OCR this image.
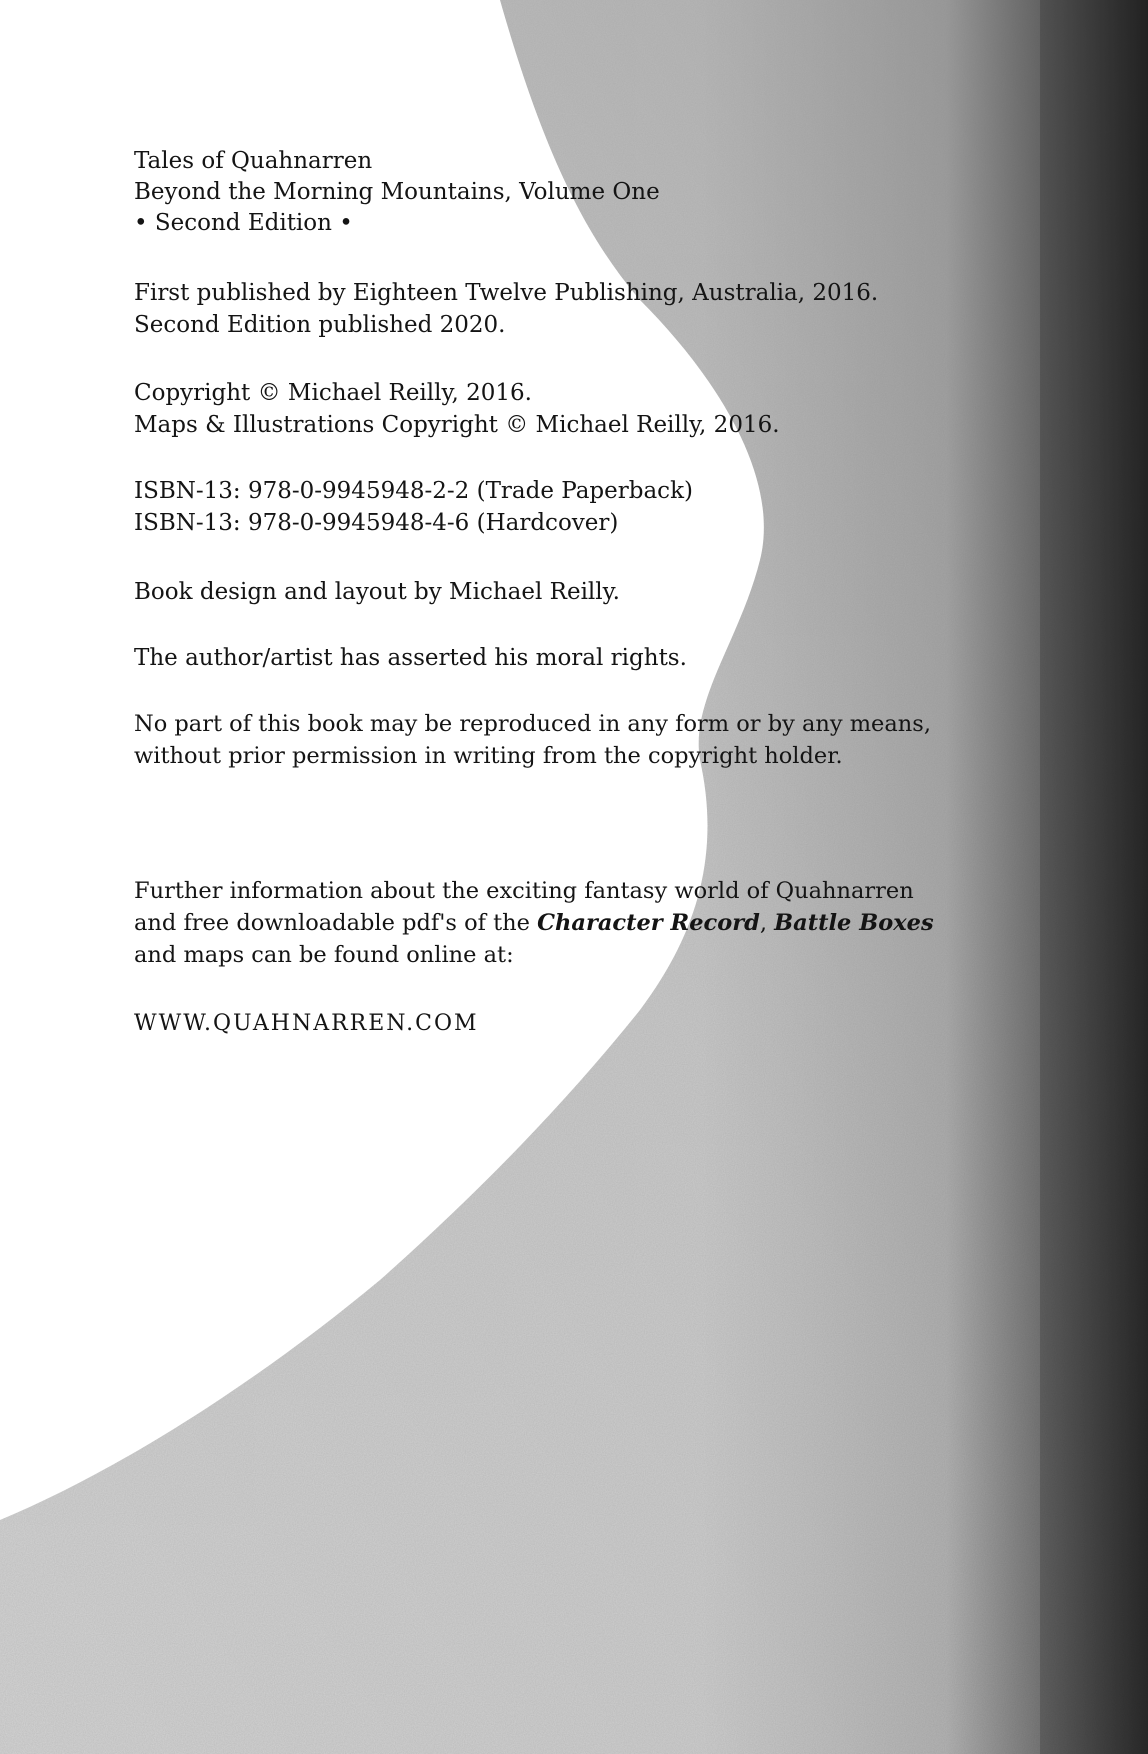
Tales of Quahnarren
Beyond the Morning Mountains, Volume One
• Second Edition •
First published by Eighteen Twelve Publishing, Australia, 2016.
Second Edition published 2020.
Copyright © Michael Reilly, 2016.
Maps & Illustrations Copyright © Michael Reilly, 2016.
ISBN-13: 978-0-9945948-2-2 (Trade Paperback)
ISBN-13: 978-0-9945948-4-6 (Hardcover)
Book design and layout by Michael Reilly.
The author/artist has asserted his moral rights.
No part of this book may be reproduced in any form or by any means,
without prior permission in writing from the copyright holder.
Further information about the exciting fantasy world of Quahnarren
and free downloadable pdf's of the Character Record, Battle Boxes
and maps can be found online at:
WWW.QUAHNARREN.COM
